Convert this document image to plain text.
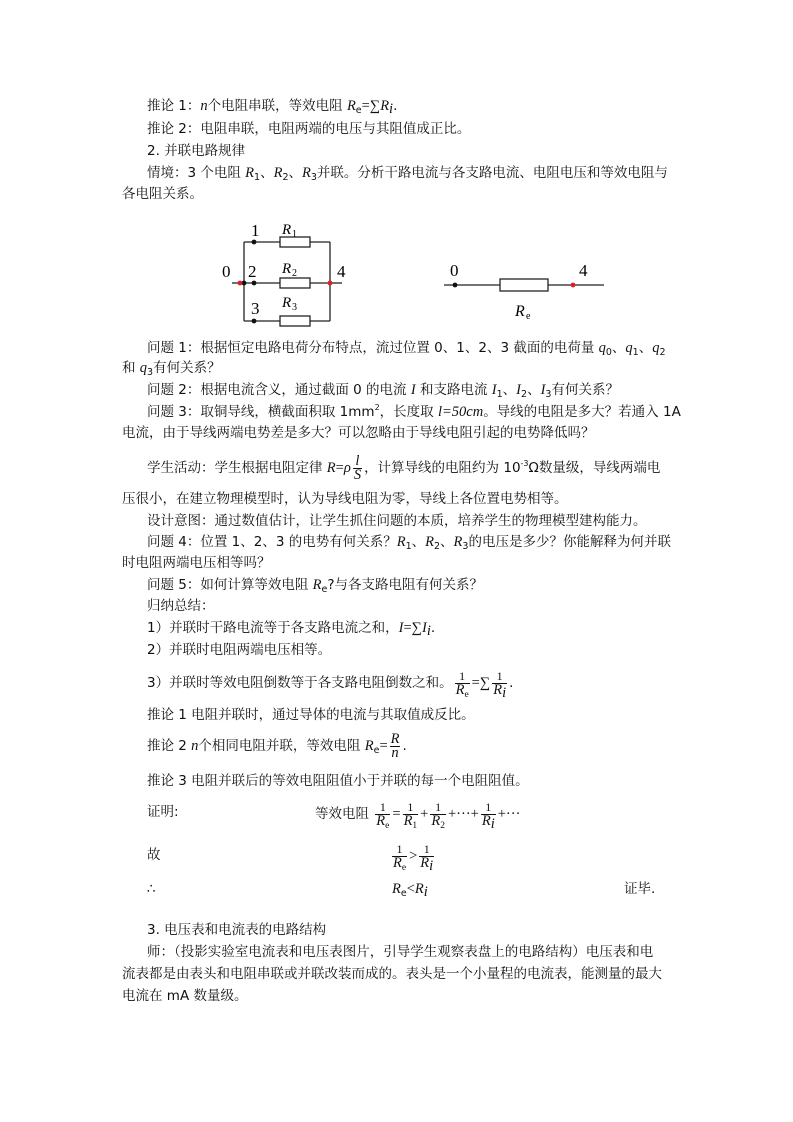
推论 1：n个电阻串联，等效电阻 $R_e=\sum R_i$.
推论 2：电阻串联，电阻两端的电压与其阻值成正比。
2. 并联电路规律
情境：3 个电阻 $R_1$、$R_2$、$R_3$并联。分析干路电流与各支路电流、电阻电压和等效电阻与
各电阻关系。
0
1
2
3
4
R 1
R 2
R 3
0	4
R e
问题 1：根据恒定电路电荷分布特点，流过位置 0、1、2、3 截面的电荷量 $q_0$、$q_1$、$q_2$
和 $q_3$有何关系？
问题 2：根据电流含义，通过截面 0 的电流 I 和支路电流 $I_1$、$I_2$、$I_3$有何关系？
问题 3：取铜导线，横截面积取 $1mm^2$，长度取 l=50cm。导线的电阻是多大？若通入 1A
电流，由于导线两端电势差是多大？可以忽略由于导线电阻引起的电势降低吗？
学生活动：学生根据电阻定律 $R=\rho \frac{l}{S}$ ，计算导线的电阻约为 $10^{-3}\Omega$数量级，导线两端电
压很小，在建立物理模型时，认为导线电阻为零，导线上各位置电势相等。
设计意图：通过数值估计，让学生抓住问题的本质，培养学生的物理模型建构能力。
问题 4：位置 1、2、3 的电势有何关系？$R_1$、$R_2$、$R_3$的电压是多少？你能解释为何并联
时电阻两端电压相等吗？
问题 5：如何计算等效电阻 $R_e$?与各支路电阻有何关系？
归纳总结：
1）并联时干路电流等于各支路电流之和，$I=\sum I_i$.
2）并联时电阻两端电压相等。
3）并联时等效电阻倒数等于各支路电阻倒数之和。 $\frac{1}{R_e}$ =∑ $\frac{1}{R_i}$ .
推论 1 电阻并联时，通过导体的电流与其取值成反比。
推论 2 n个相同电阻并联，等效电阻 $R_e= \frac{R}{n}$ .
推论 3 电阻并联后的等效电阻阻值小于并联的每一个电阻阻值。
证明:	等效电阻 $\frac{1}{R_e} = \frac{1}{R_1} + \frac{1}{R_2}$ +···+ $\frac{1}{R_i}$ +···
故	$\frac{1}{R_e} > \frac{1}{R_i}$
∴	$R_e<R_i$	证毕.
3. 电压表和电流表的电路结构
师：（投影实验室电流表和电压表图片，引导学生观察表盘上的电路结构）电压表和电
流表都是由表头和电阻串联或并联改装而成的。表头是一个小量程的电流表，能测量的最大
电流在 mA 数量级。
